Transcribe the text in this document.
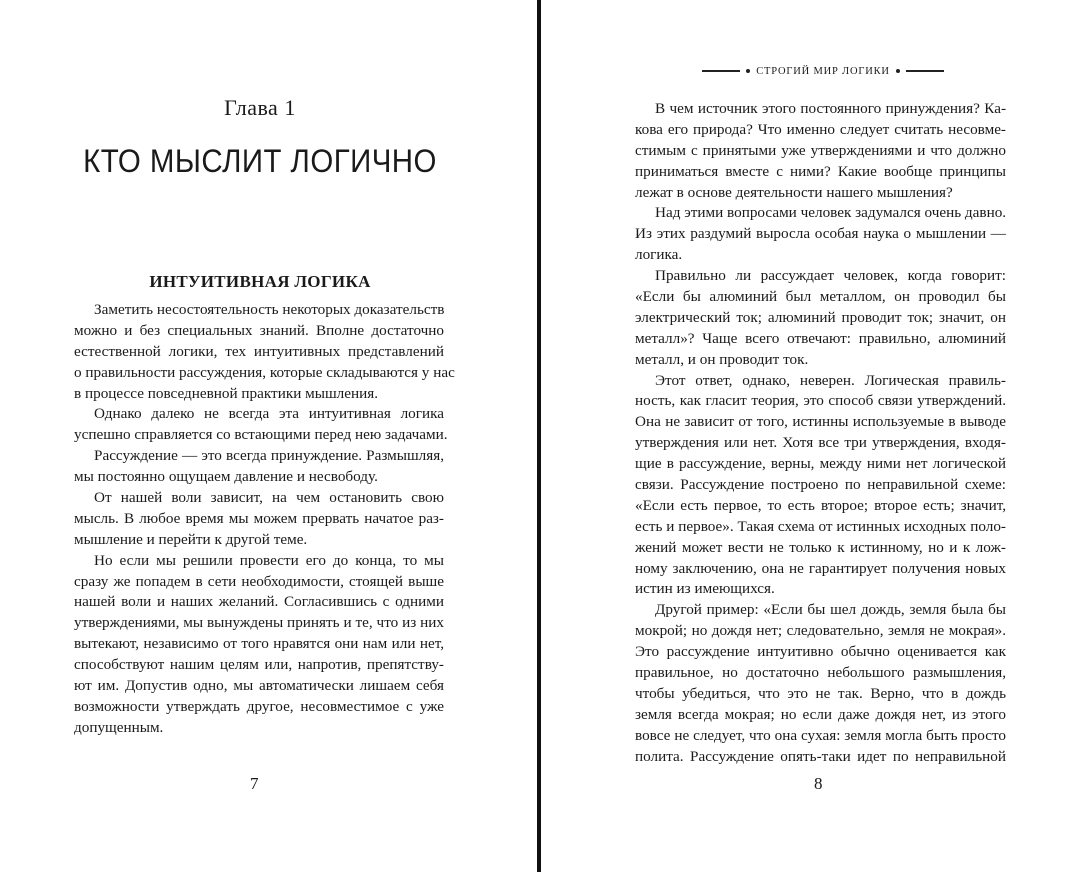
Глава 1
КТО МЫСЛИТ ЛОГИЧНО
ИНТУИТИВНАЯ ЛОГИКА
Заметить несостоятельность некоторых доказательств
можно и без специальных знаний. Вполне достаточно
естественной логики, тех интуитивных представлений
о правильности рассуждения, которые складываются у нас
в процессе повседневной практики мышления.
Однако далеко не всегда эта интуитивная логика
успешно справляется со встающими перед нею задачами.
Рассуждение — это всегда принуждение. Размышляя,
мы постоянно ощущаем давление и несвободу.
От нашей воли зависит, на чем остановить свою
мысль. В любое время мы можем прервать начатое раз-
мышление и перейти к другой теме.
Но если мы решили провести его до конца, то мы
сразу же попадем в сети необходимости, стоящей выше
нашей воли и наших желаний. Согласившись с одними
утверждениями, мы вынуждены принять и те, что из них
вытекают, независимо от того нравятся они нам или нет,
способствуют нашим целям или, напротив, препятству-
ют им. Допустив одно, мы автоматически лишаем себя
возможности утверждать другое, несовместимое с уже
допущенным.
7
СТРОГИЙ МИР ЛОГИКИ
В чем источник этого постоянного принуждения? Ка-
кова его природа? Что именно следует считать несовме-
стимым с принятыми уже утверждениями и что должно
приниматься вместе с ними? Какие вообще принципы
лежат в основе деятельности нашего мышления?
Над этими вопросами человек задумался очень давно.
Из этих раздумий выросла особая наука о мышлении —
логика.
Правильно ли рассуждает человек, когда говорит:
«Если бы алюминий был металлом, он проводил бы
электрический ток; алюминий проводит ток; значит, он
металл»? Чаще всего отвечают: правильно, алюминий
металл, и он проводит ток.
Этот ответ, однако, неверен. Логическая правиль-
ность, как гласит теория, это способ связи утверждений.
Она не зависит от того, истинны используемые в выводе
утверждения или нет. Хотя все три утверждения, входя-
щие в рассуждение, верны, между ними нет логической
связи. Рассуждение построено по неправильной схеме:
«Если есть первое, то есть второе; второе есть; значит,
есть и первое». Такая схема от истинных исходных поло-
жений может вести не только к истинному, но и к лож-
ному заключению, она не гарантирует получения новых
истин из имеющихся.
Другой пример: «Если бы шел дождь, земля была бы
мокрой; но дождя нет; следовательно, земля не мокрая».
Это рассуждение интуитивно обычно оценивается как
правильное, но достаточно небольшого размышления,
чтобы убедиться, что это не так. Верно, что в дождь
земля всегда мокрая; но если даже дождя нет, из этого
вовсе не следует, что она сухая: земля могла быть просто
полита. Рассуждение опять-таки идет по неправильной
8
